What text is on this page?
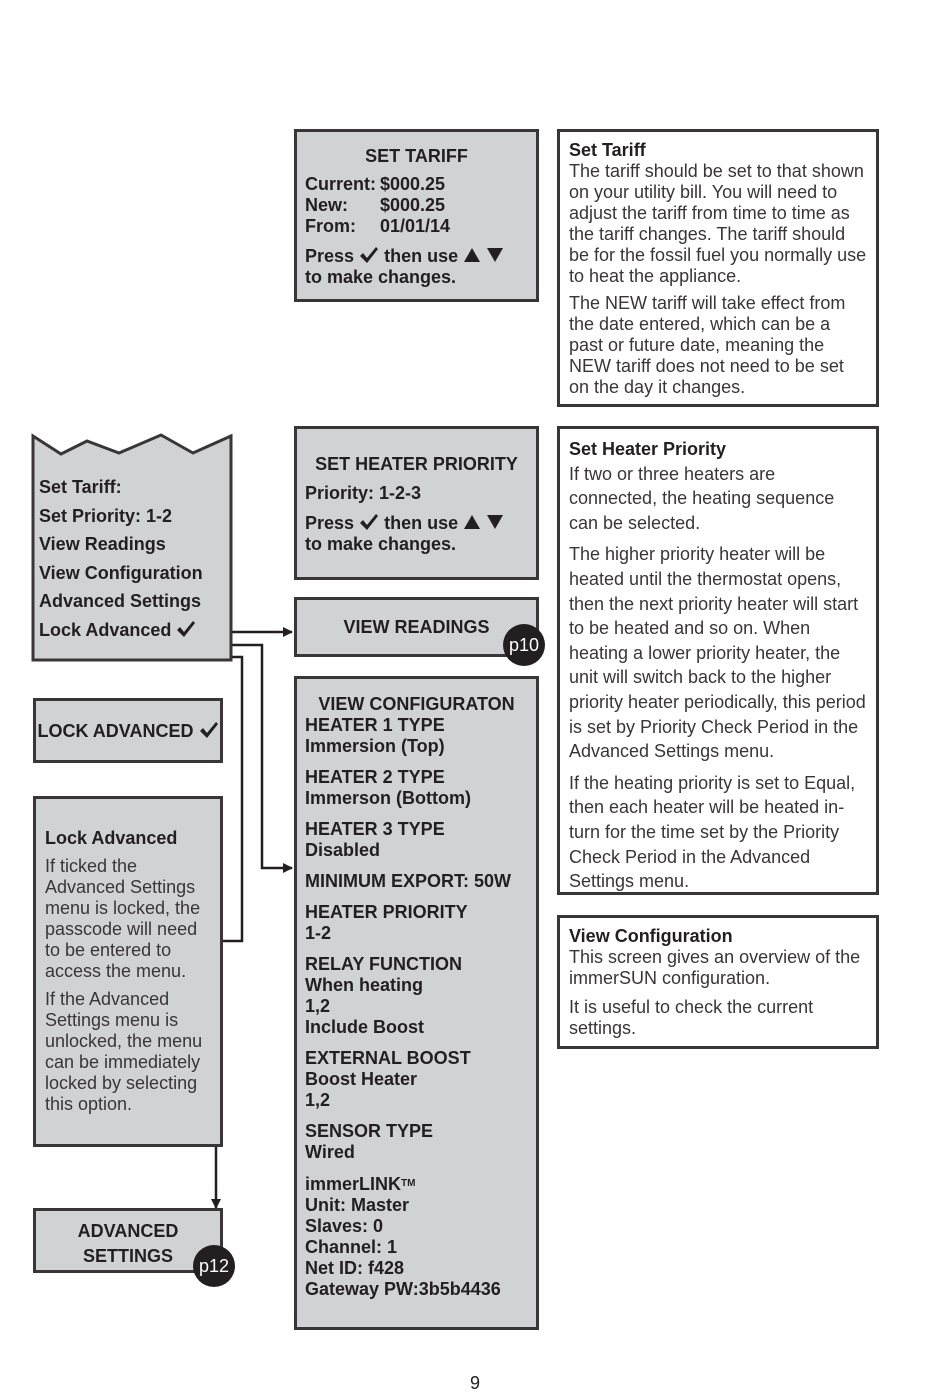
SET TARIFF
Current: $000.25
New: $000.25
From: 01/01/14
Press then use
to make changes.

Set Tariff

The tariff should be set to that shown on your utility bill. You will need to adjust the tariff from time to time as the tariff changes. The tariff should be for the fossil fuel you normally use to heat the appliance.

The NEW tariff will take effect from the date entered, which can be a past or future date, meaning the NEW tariff does not need to be set on the day it changes.

Set Tariff:
Set Priority: 1-2
View Readings
View Configuration
Advanced Settings
Lock Advanced
SET HEATER PRIORITY
Priority: 1-2-3
Press then use
to make changes.

Set Heater Priority

If two or three heaters are connected, the heating sequence can be selected.

The higher priority heater will be heated until the thermostat opens, then the next priority heater will start to be heated and so on. When heating a lower priority heater, the unit will switch back to the higher priority heater periodically, this period is set by Priority Check Period in the Advanced Settings menu.

If the heating priority is set to Equal, then each heater will be heated in-turn for the time set by the Priority Check Period in the Advanced Settings menu.

VIEW READINGS
p10
VIEW CONFIGURATON
HEATER 1 TYPE
Immersion (Top)
HEATER 2 TYPE
Immerson (Bottom)
HEATER 3 TYPE
Disabled
MINIMUM EXPORT: 50W
HEATER PRIORITY
1-2
RELAY FUNCTION
When heating
1,2
Include Boost
EXTERNAL BOOST
Boost Heater
1,2
SENSOR TYPE
Wired
immerLINK™
Unit: Master
Slaves: 0
Channel: 1
Net ID: f428
Gateway PW:3b5b4436

View Configuration

This screen gives an overview of the immerSUN configuration.

It is useful to check the current settings.

LOCK ADVANCED

Lock Advanced

If ticked the Advanced Settings menu is locked, the passcode will need to be entered to access the menu.

If the Advanced Settings menu is unlocked, the menu can be immediately locked by selecting this option.

ADVANCED
SETTINGS	p12
9
